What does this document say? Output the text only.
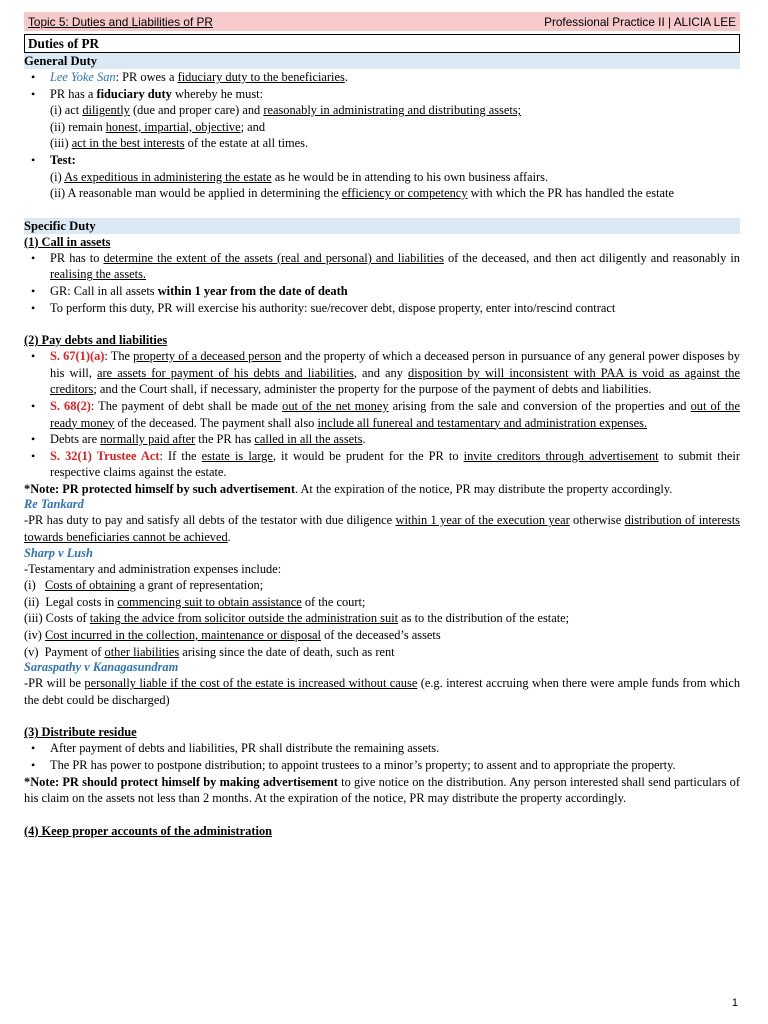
Topic 5: Duties and Liabilities of PR	Professional Practice II | ALICIA LEE
Duties of PR
General Duty
• Lee Yoke San: PR owes a fiduciary duty to the beneficiaries.
• PR has a fiduciary duty whereby he must:
(i) act diligently (due and proper care) and reasonably in administrating and distributing assets;
(ii) remain honest, impartial, objective; and
(iii) act in the best interests of the estate at all times.
• Test:
(i) As expeditious in administering the estate as he would be in attending to his own business affairs.
(ii) A reasonable man would be applied in determining the efficiency or competency with which the PR has handled the estate
Specific Duty
(1) Call in assets
• PR has to determine the extent of the assets (real and personal) and liabilities of the deceased, and then act diligently and reasonably in realising the assets.
• GR: Call in all assets within 1 year from the date of death
• To perform this duty, PR will exercise his authority: sue/recover debt, dispose property, enter into/rescind contract
(2) Pay debts and liabilities
• S. 67(1)(a): The property of a deceased person and the property of which a deceased person in pursuance of any general power disposes by his will, are assets for payment of his debts and liabilities, and any disposition by will inconsistent with PAA is void as against the creditors; and the Court shall, if necessary, administer the property for the purpose of the payment of debts and liabilities.
• S. 68(2): The payment of debt shall be made out of the net money arising from the sale and conversion of the properties and out of the ready money of the deceased. The payment shall also include all funereal and testamentary and administration expenses.
• Debts are normally paid after the PR has called in all the assets.
• S. 32(1) Trustee Act: If the estate is large, it would be prudent for the PR to invite creditors through advertisement to submit their respective claims against the estate.

*Note: PR protected himself by such advertisement. At the expiration of the notice, PR may distribute the property accordingly.

Re Tankard

-PR has duty to pay and satisfy all debts of the testator with due diligence within 1 year of the execution year otherwise distribution of interests towards beneficiaries cannot be achieved.

Sharp v Lush

-Testamentary and administration expenses include:

(i)   Costs of obtaining a grant of representation;

(ii)  Legal costs in commencing suit to obtain assistance of the court;

(iii) Costs of taking the advice from solicitor outside the administration suit as to the distribution of the estate;

(iv) Cost incurred in the collection, maintenance or disposal of the deceased’s assets

(v)  Payment of other liabilities arising since the date of death, such as rent

Saraspathy v Kanagasundram

-PR will be personally liable if the cost of the estate is increased without cause (e.g. interest accruing when there were ample funds from which the debt could be discharged)

(3) Distribute residue
• After payment of debts and liabilities, PR shall distribute the remaining assets.
• The PR has power to postpone distribution; to appoint trustees to a minor’s property; to assent and to appropriate the property.

*Note: PR should protect himself by making advertisement to give notice on the distribution. Any person interested shall send particulars of his claim on the assets not less than 2 months. At the expiration of the notice, PR may distribute the property accordingly.

(4) Keep proper accounts of the administration
1
